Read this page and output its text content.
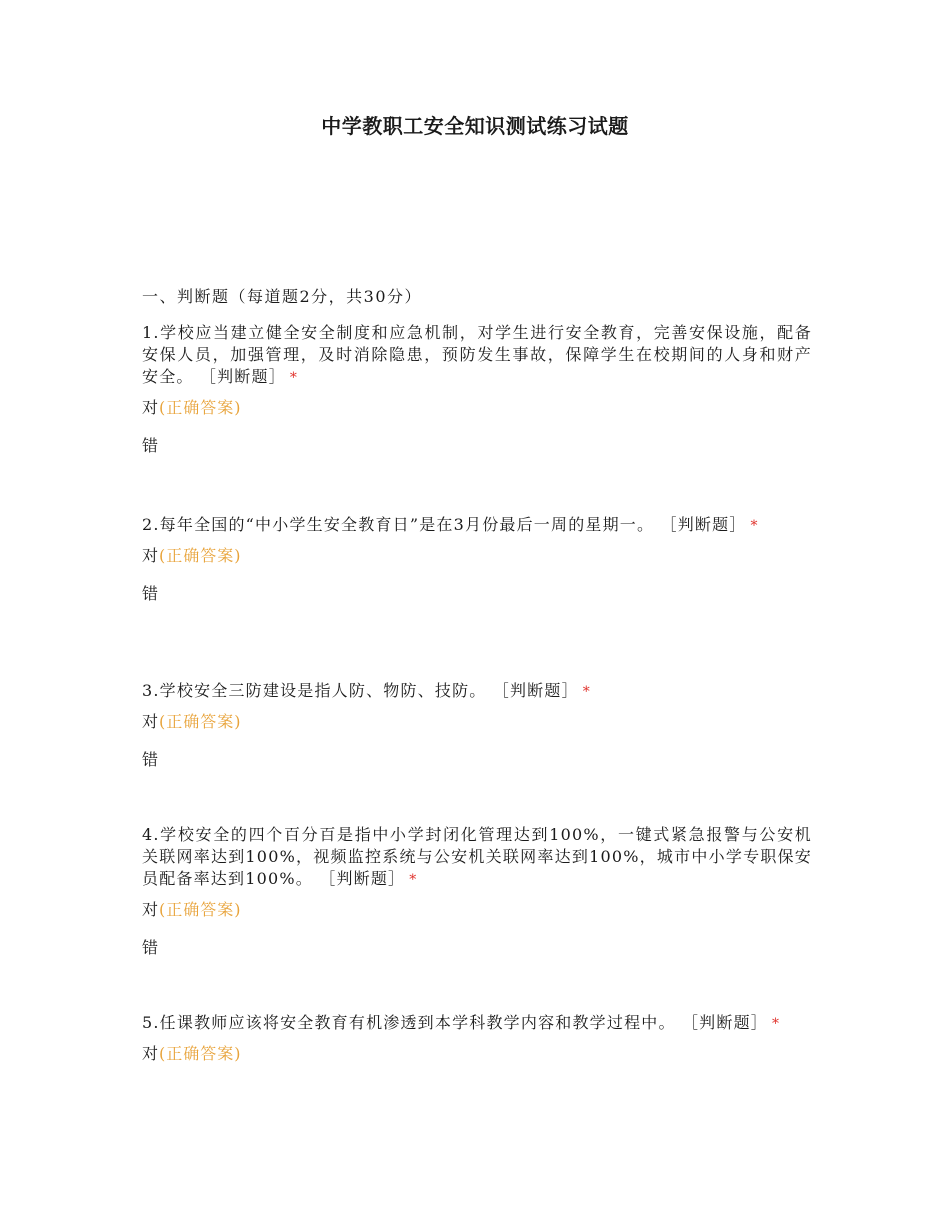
中学教职工安全知识测试练习试题

一、判断题（每道题2分，共30分）

1.学校应当建立健全安全制度和应急机制，对学生进行安全教育，完善安保设施，配备安保人员，加强管理，及时消除隐患，预防发生事故，保障学生在校期间的人身和财产安全。 ［判断题］ *

对(正确答案)
错

2.每年全国的“中小学生安全教育日”是在3月份最后一周的星期一。 ［判断题］ *

对(正确答案)
错

3.学校安全三防建设是指人防、物防、技防。 ［判断题］ *

对(正确答案)
错

4.学校安全的四个百分百是指中小学封闭化管理达到100%，一键式紧急报警与公安机关联网率达到100%，视频监控系统与公安机关联网率达到100%，城市中小学专职保安员配备率达到100%。 ［判断题］ *

对(正确答案)
错

5.任课教师应该将安全教育有机渗透到本学科教学内容和教学过程中。 ［判断题］ *

对(正确答案)
